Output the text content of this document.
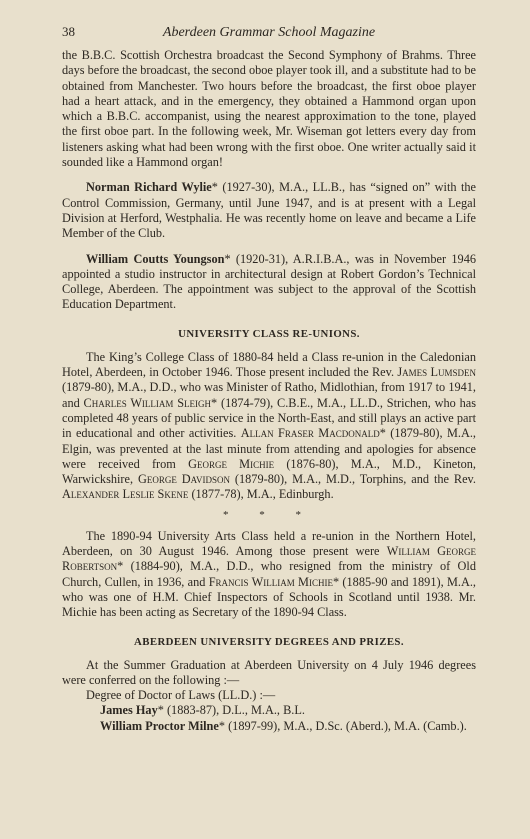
38	Aberdeen Grammar School Magazine

the B.B.C. Scottish Orchestra broadcast the Second Symphony of Brahms. Three days before the broadcast, the second oboe player took ill, and a substitute had to be obtained from Manchester. Two hours before the broadcast, the first oboe player had a heart attack, and in the emergency, they obtained a Hammond organ upon which a B.B.C. accompanist, using the nearest approximation to the tone, played the first oboe part. In the following week, Mr. Wiseman got letters every day from listeners asking what had been wrong with the first oboe. One writer actually said it sounded like a Hammond organ!

Norman Richard Wylie* (1927-30), M.A., LL.B., has “signed on” with the Control Commission, Germany, until June 1947, and is at present with a Legal Division at Herford, Westphalia. He was recently home on leave and became a Life Member of the Club.

William Coutts Youngson* (1920-31), A.R.I.B.A., was in November 1946 appointed a studio instructor in architectural design at Robert Gordon’s Technical College, Aberdeen. The appointment was subject to the approval of the Scottish Education Department.

UNIVERSITY CLASS RE-UNIONS.

The King’s College Class of 1880-84 held a Class re-union in the Caledonian Hotel, Aberdeen, in October 1946. Those present included the Rev. James Lumsden (1879-80), M.A., D.D., who was Minister of Ratho, Midlothian, from 1917 to 1941, and Charles William Sleigh* (1874-79), C.B.E., M.A., LL.D., Strichen, who has completed 48 years of public service in the North-East, and still plays an active part in educational and other activities. Allan Fraser Macdonald* (1879-80), M.A., Elgin, was prevented at the last minute from attending and apologies for absence were received from George Michie (1876-80), M.A., M.D., Kineton, Warwickshire, George Davidson (1879-80), M.A., M.D., Torphins, and the Rev. Alexander Leslie Skene (1877-78), M.A., Edinburgh.

* * *

The 1890-94 University Arts Class held a re-union in the Northern Hotel, Aberdeen, on 30 August 1946. Among those present were William George Robertson* (1884-90), M.A., D.D., who resigned from the ministry of Old Church, Cullen, in 1936, and Francis William Michie* (1885-90 and 1891), M.A., who was one of H.M. Chief Inspectors of Schools in Scotland until 1938. Mr. Michie has been acting as Secretary of the 1890-94 Class.

ABERDEEN UNIVERSITY DEGREES AND PRIZES.

At the Summer Graduation at Aberdeen University on 4 July 1946 degrees were conferred on the following :—

Degree of Doctor of Laws (LL.D.) :—

James Hay* (1883-87), D.L., M.A., B.L.

William Proctor Milne* (1897-99), M.A., D.Sc. (Aberd.), M.A. (Camb.).
